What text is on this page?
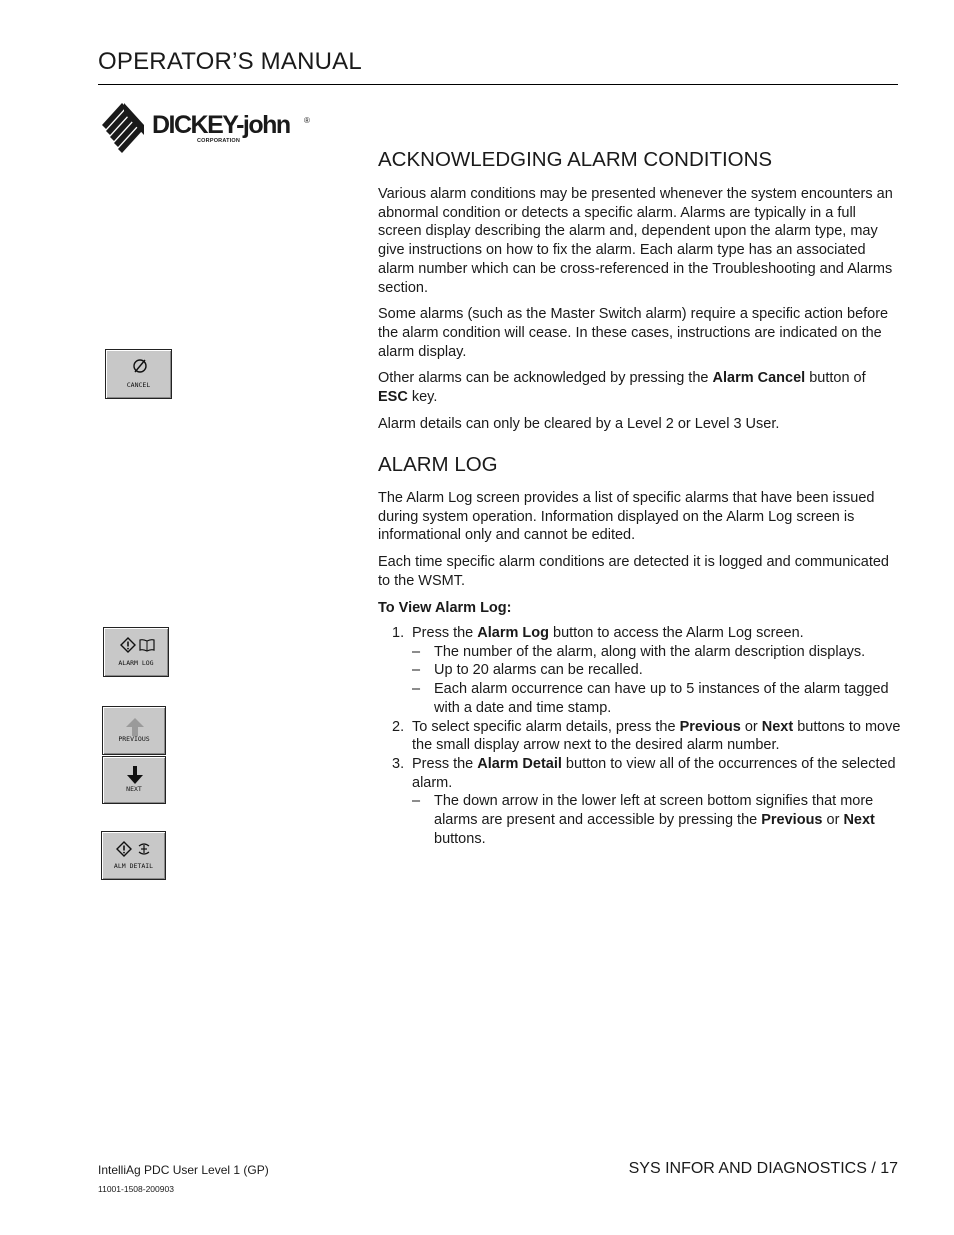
OPERATOR’S MANUAL
DICKEY-john ®
CORPORATION
ACKNOWLEDGING ALARM CONDITIONS

Various alarm conditions may be presented whenever the system encounters an abnormal condition or detects a specific alarm. Alarms are typically in a full screen display describing the alarm and, dependent upon the alarm type, may give instructions on how to fix the alarm. Each alarm type has an associated alarm number which can be cross-referenced in the Troubleshooting and Alarms section.

Some alarms (such as the Master Switch alarm) require a specific action before the alarm condition will cease. In these cases, instructions are indicated on the alarm display.

Other alarms can be acknowledged by pressing the Alarm Cancel button of ESC key.

Alarm details can only be cleared by a Level 2 or Level 3 User.

ALARM LOG

The Alarm Log screen provides a list of specific alarms that have been issued during system operation. Information displayed on the Alarm Log screen is informational only and cannot be edited.

Each time specific alarm conditions are detected it is logged and communicated to the WSMT.

To View Alarm Log:

1. Press the Alarm Log button to access the Alarm Log screen.
– The number of the alarm, along with the alarm description displays.
– Up to 20 alarms can be recalled.
– Each alarm occurrence can have up to 5 instances of the alarm tagged with a date and time stamp.
2. To select specific alarm details, press the Previous or Next buttons to move the small display arrow next to the desired alarm number.
3. Press the Alarm Detail button to view all of the occurrences of the selected alarm.
– The down arrow in the lower left at screen bottom signifies that more alarms are present and accessible by pressing the Previous or Next buttons.
CANCEL
ALARM LOG
PREVIOUS
NEXT
ALM DETAIL
IntelliAg PDC User Level 1 (GP)
11001-1508-200903
SYS INFOR AND DIAGNOSTICS / 17
